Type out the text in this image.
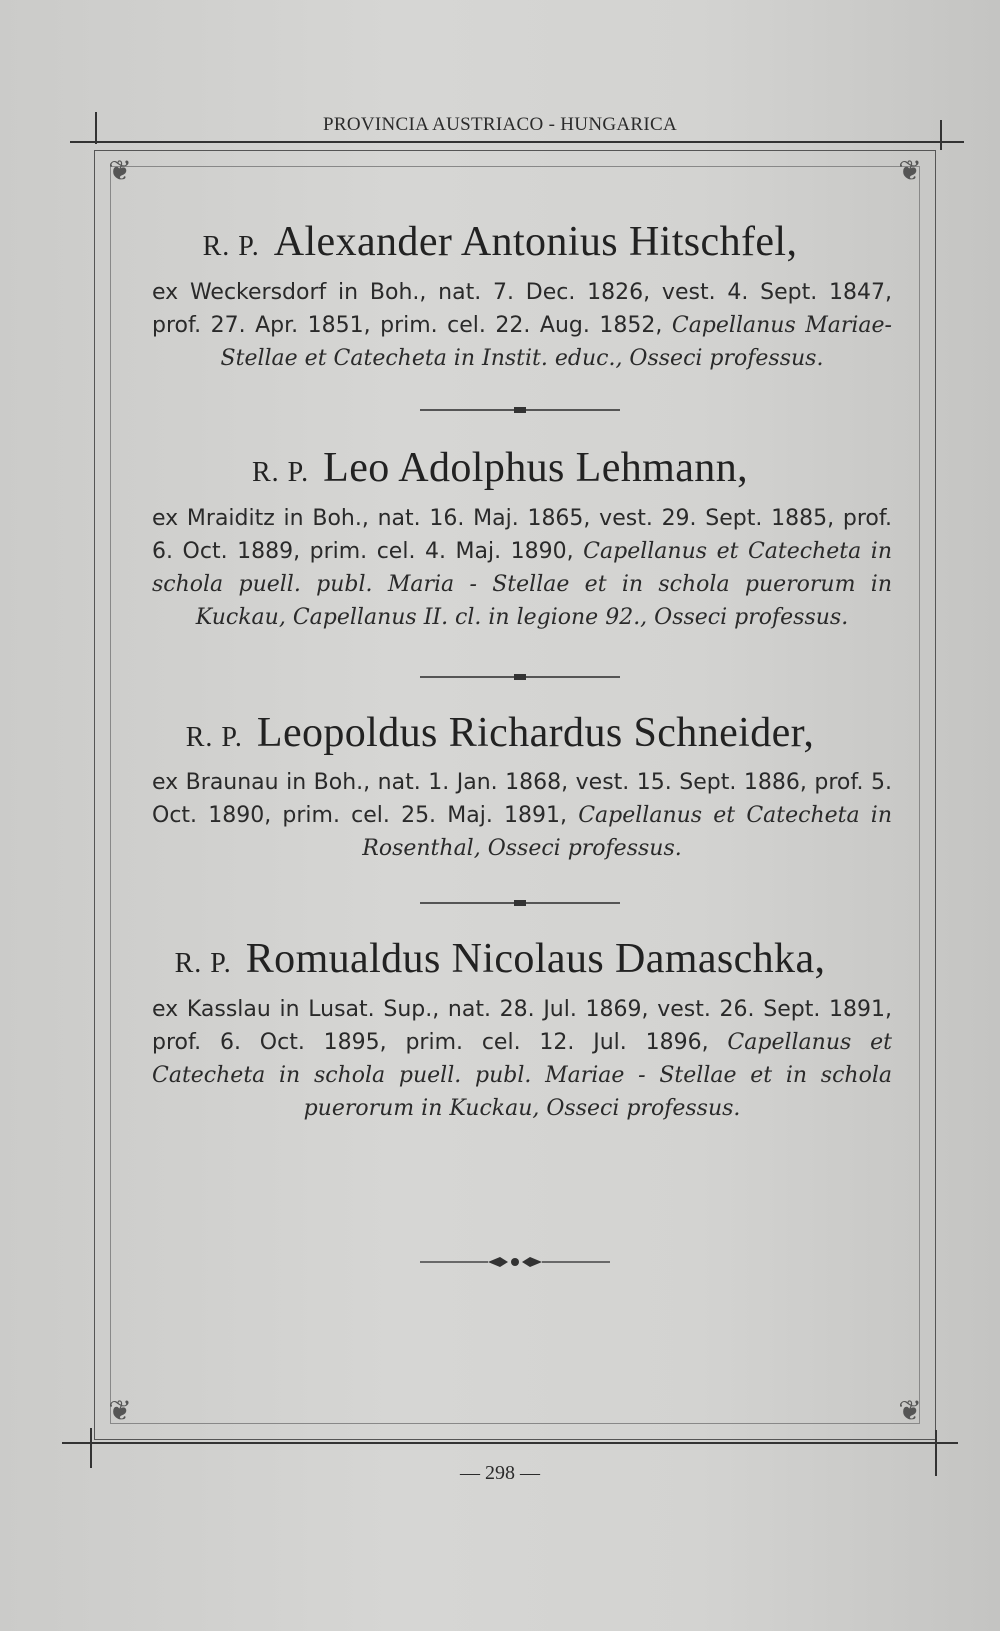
PROVINCIA AUSTRIACO - HUNGARICA
❦	❦
❦	❦
R. P. Alexander Antonius Hitschfel,
ex Weckersdorf in Boh., nat. 7. Dec. 1826, vest. 4. Sept. 1847, prof. 27. Apr. 1851, prim. cel. 22. Aug. 1852, Capellanus Mariae-Stellae et Catecheta in Instit. educ., Osseci professus.
R. P. Leo Adolphus Lehmann,
ex Mraiditz in Boh., nat. 16. Maj. 1865, vest. 29. Sept. 1885, prof. 6. Oct. 1889, prim. cel. 4. Maj. 1890, Capellanus et Catecheta in schola puell. publ. Maria - Stellae et in schola puerorum in Kuckau, Capellanus II. cl. in legione 92., Osseci professus.
R. P. Leopoldus Richardus Schneider,
ex Braunau in Boh., nat. 1. Jan. 1868, vest. 15. Sept. 1886, prof. 5. Oct. 1890, prim. cel. 25. Maj. 1891, Capellanus et Catecheta in Rosenthal, Osseci professus.
R. P. Romualdus Nicolaus Damaschka,
ex Kasslau in Lusat. Sup., nat. 28. Jul. 1869, vest. 26. Sept. 1891, prof. 6. Oct. 1895, prim. cel. 12. Jul. 1896, Capellanus et Catecheta in schola puell. publ. Mariae - Stellae et in schola puerorum in Kuckau, Osseci professus.
— 298 —
